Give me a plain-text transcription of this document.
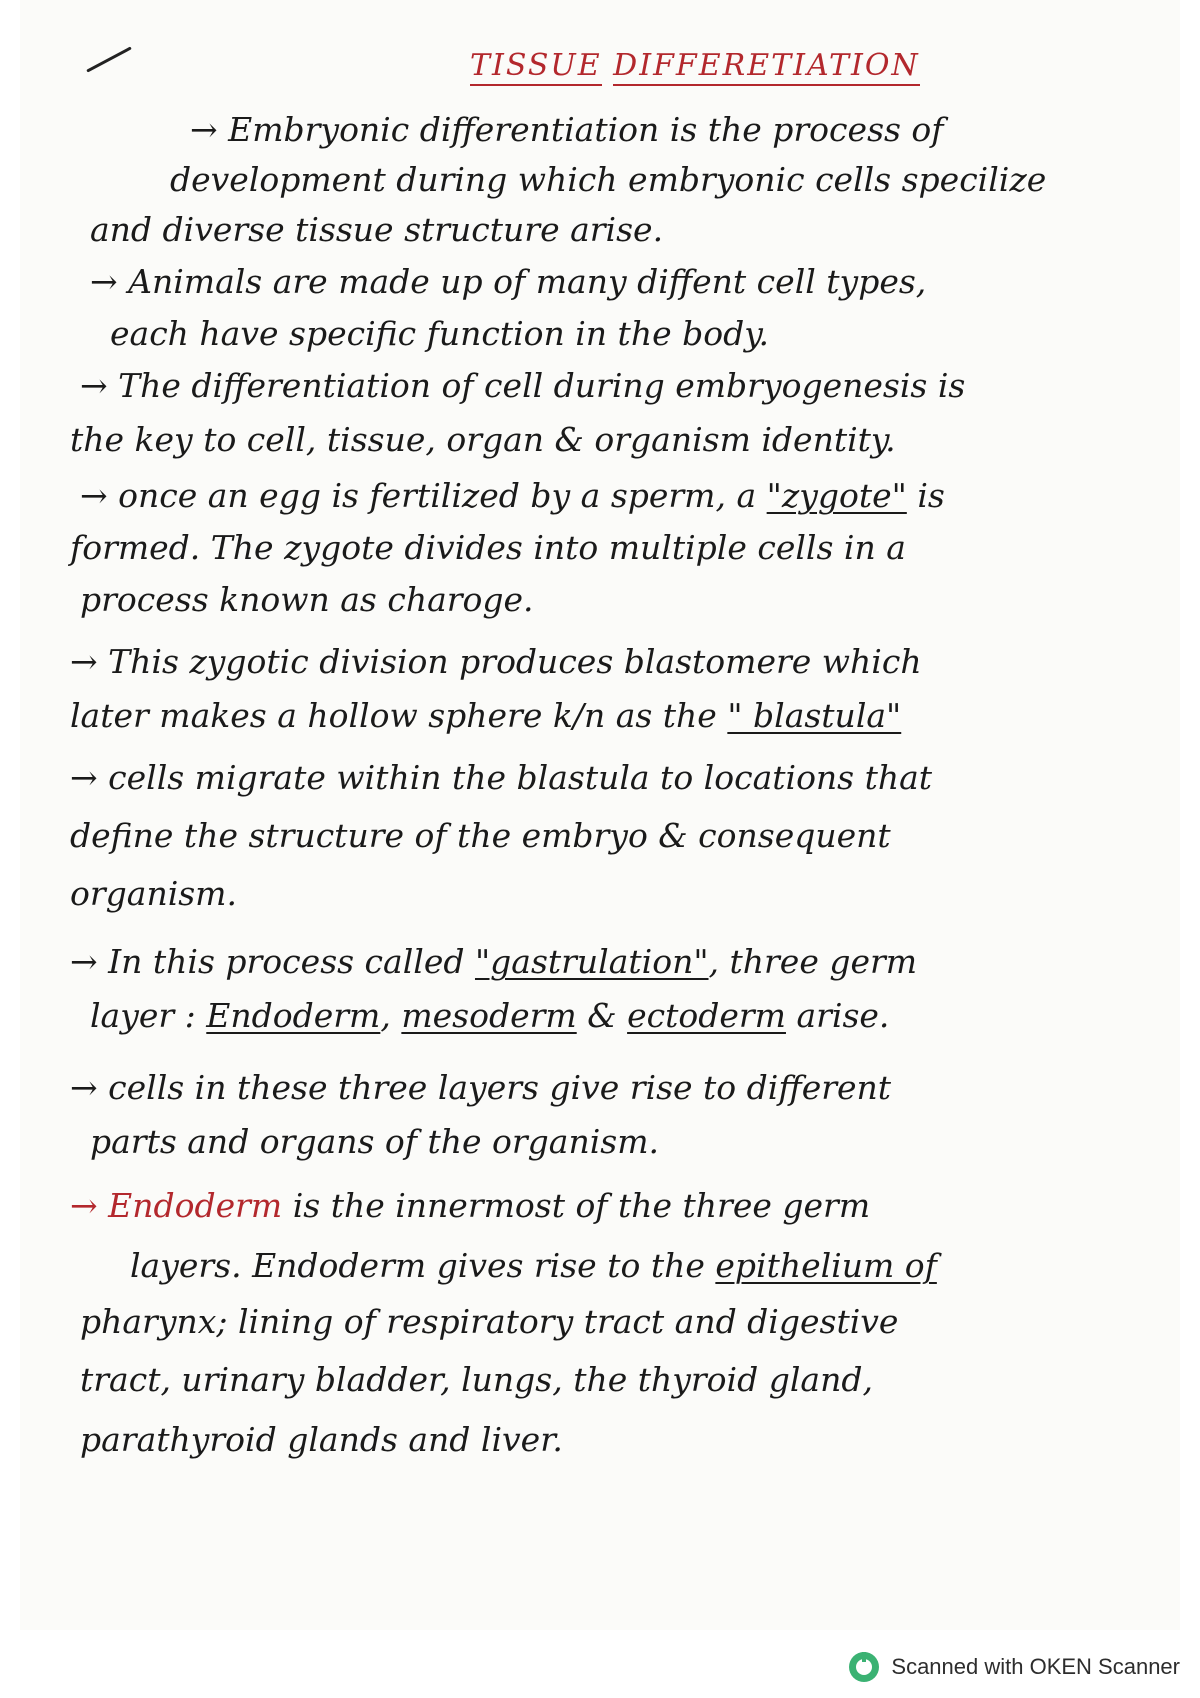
TISSUE DIFFERETIATION

→ Embryonic differentiation is the process of

development during which embryonic cells specilize

and diverse tissue structure arise.

→ Animals are made up of many diffent cell types,

each have specific function in the body.

→ The differentiation of cell during embryogenesis is

the key to cell, tissue, organ & organism identity.

→ once an egg is fertilized by a sperm, a "zygote" is

formed. The zygote divides into multiple cells in a

process known as charoge.

→ This zygotic division produces blastomere which

later makes a hollow sphere k/n as the " blastula"

→ cells migrate within the blastula to locations that

define the structure of the embryo & consequent

organism.

→ In this process called "gastrulation", three germ

layer : Endoderm, mesoderm & ectoderm arise.

→ cells in these three layers give rise to different

parts and organs of the organism.

→ Endoderm is the innermost of the three germ

layers. Endoderm gives rise to the epithelium of

pharynx; lining of respiratory tract and digestive

tract, urinary bladder, lungs, the thyroid gland,

parathyroid glands and liver.

Scanned with OKEN Scanner
